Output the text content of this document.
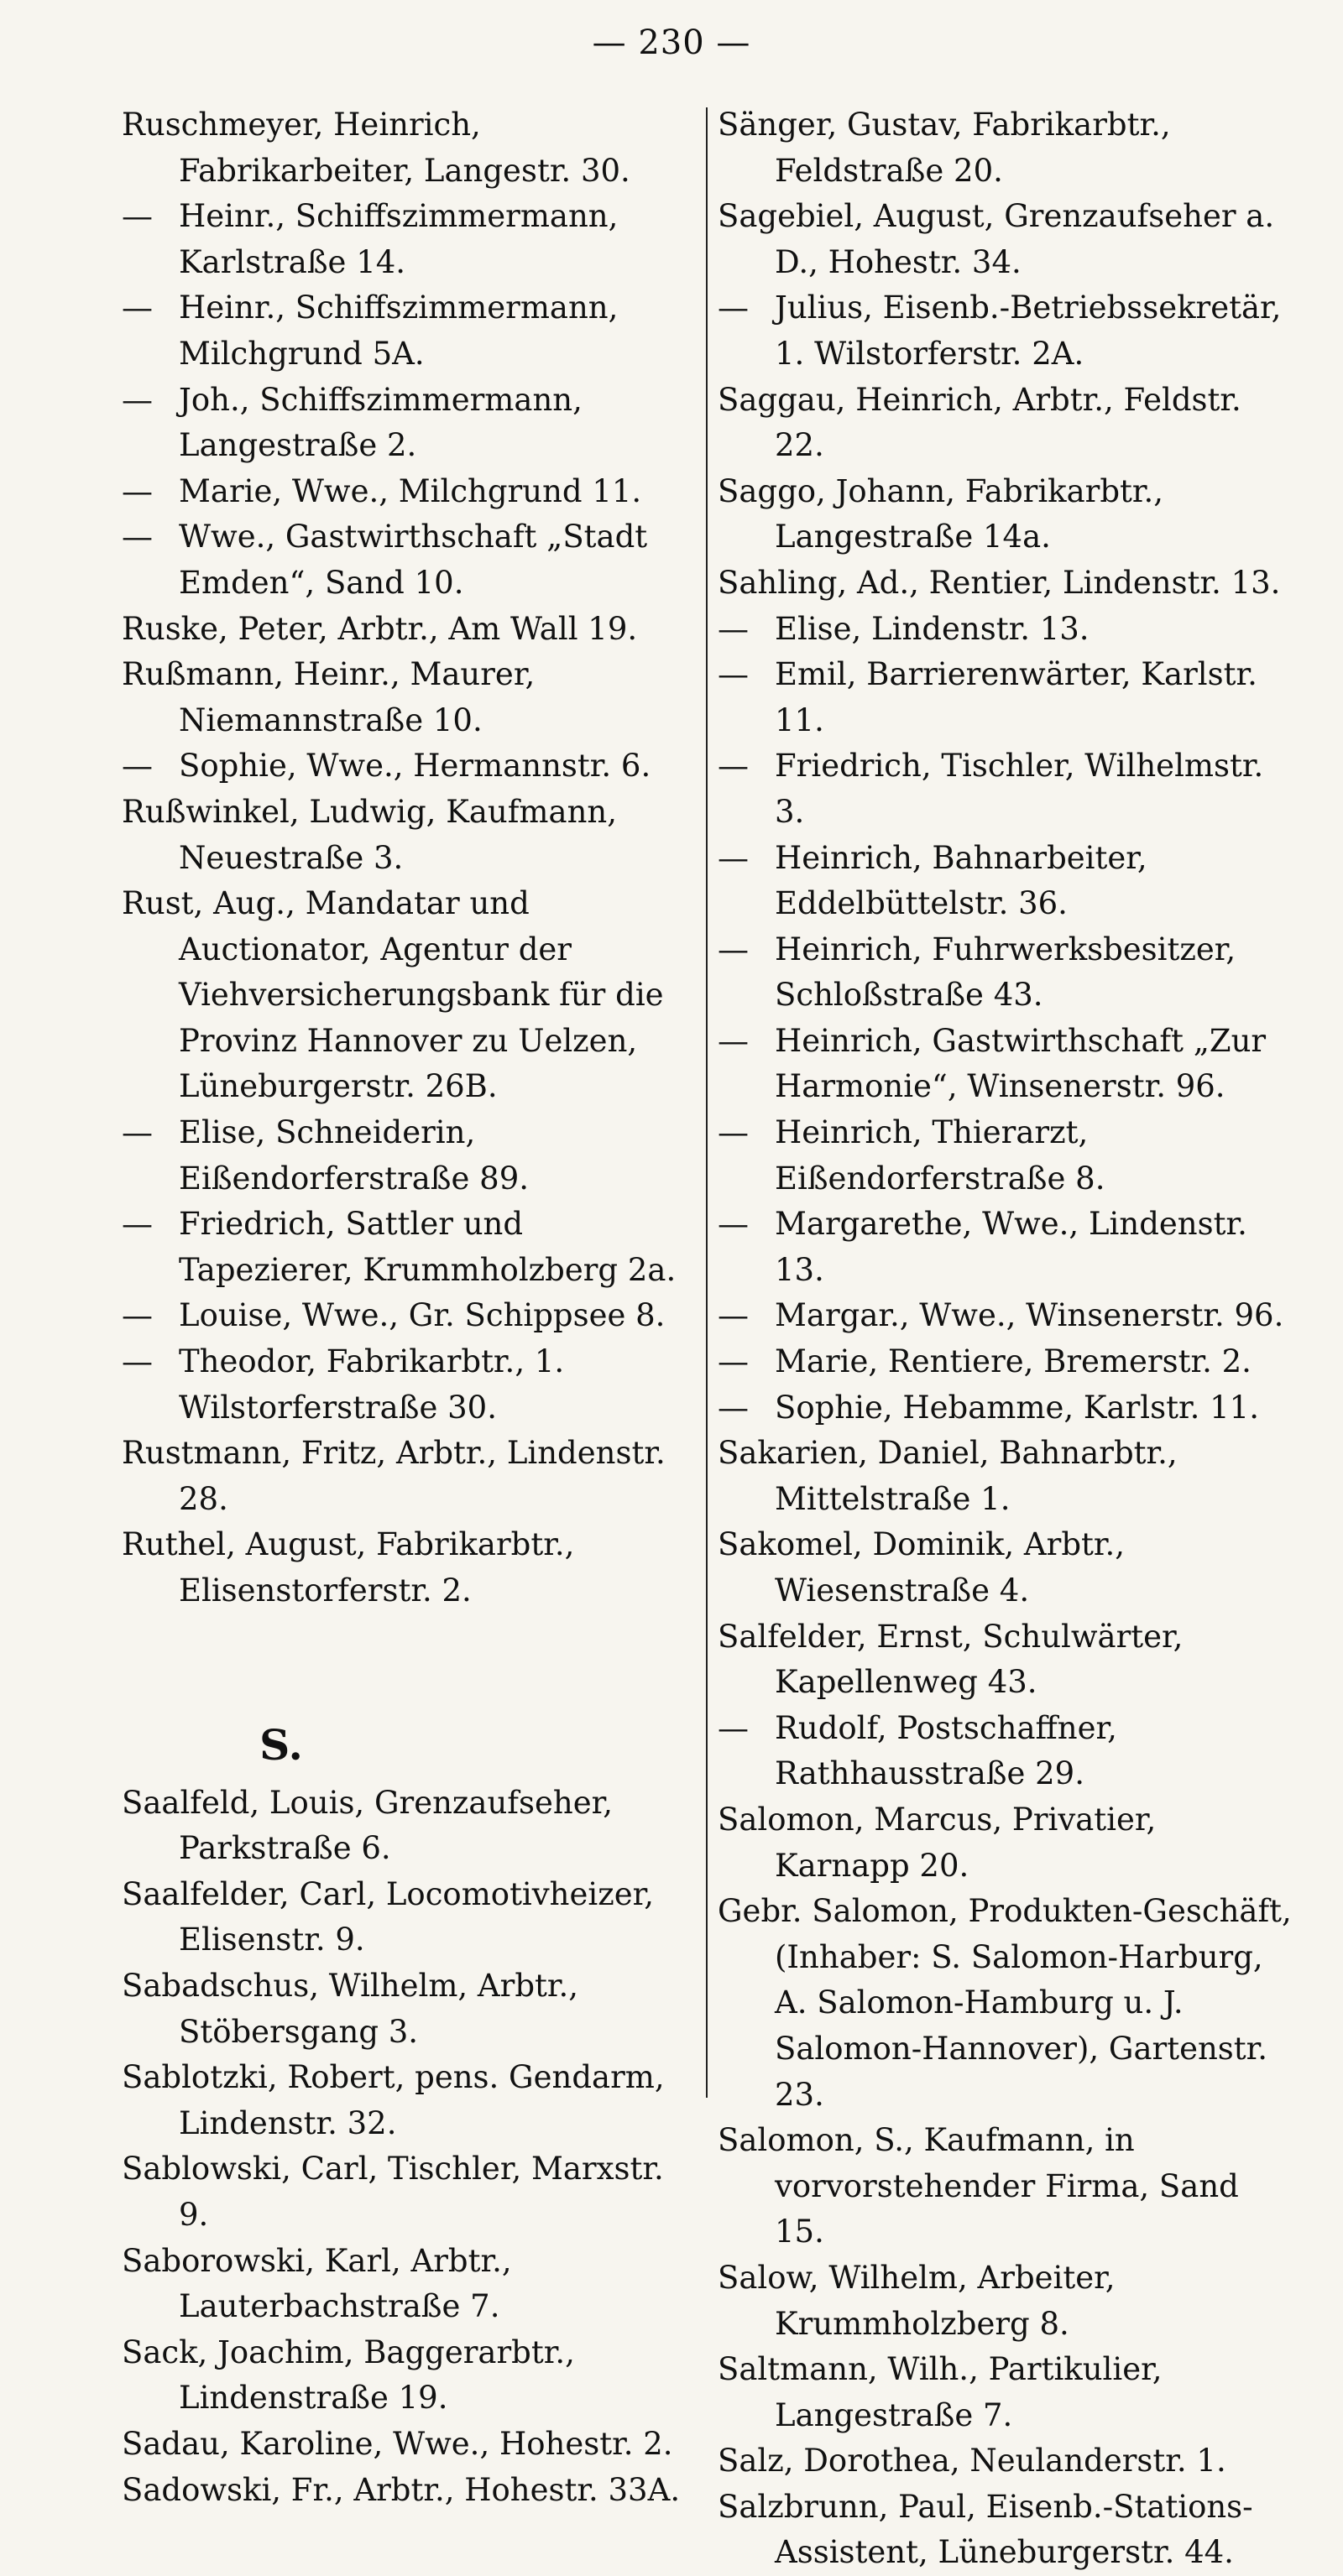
— 230 —

Ruschmeyer, Heinrich, Fabrikarbeiter, Langestr. 30.

— Heinr., Schiffszimmermann, Karlstraße 14.

— Heinr., Schiffszimmermann, Milchgrund 5A.

— Joh., Schiffszimmermann, Langestraße 2.

— Marie, Wwe., Milchgrund 11.

— Wwe., Gastwirthschaft „Stadt Emden“, Sand 10.

Ruske, Peter, Arbtr., Am Wall 19.

Rußmann, Heinr., Maurer, Niemannstraße 10.

— Sophie, Wwe., Hermannstr. 6.

Rußwinkel, Ludwig, Kaufmann, Neuestraße 3.

Rust, Aug., Mandatar und Auctionator, Agentur der Viehversicherungsbank für die Provinz Hannover zu Uelzen, Lüneburgerstr. 26B.

— Elise, Schneiderin, Eißendorferstraße 89.

— Friedrich, Sattler und Tapezierer, Krummholzberg 2a.

— Louise, Wwe., Gr. Schippsee 8.

— Theodor, Fabrikarbtr., 1. Wilstorferstraße 30.

Rustmann, Fritz, Arbtr., Lindenstr. 28.

Ruthel, August, Fabrikarbtr., Elisenstorferstr. 2.

S.

Saalfeld, Louis, Grenzaufseher, Parkstraße 6.

Saalfelder, Carl, Locomotivheizer, Elisenstr. 9.

Sabadschus, Wilhelm, Arbtr., Stöbersgang 3.

Sablotzki, Robert, pens. Gendarm, Lindenstr. 32.

Sablowski, Carl, Tischler, Marxstr. 9.

Saborowski, Karl, Arbtr., Lauterbachstraße 7.

Sack, Joachim, Baggerarbtr., Lindenstraße 19.

Sadau, Karoline, Wwe., Hohestr. 2.

Sadowski, Fr., Arbtr., Hohestr. 33A.

Sänger, Gustav, Fabrikarbtr., Feldstraße 20.

Sagebiel, August, Grenzaufseher a. D., Hohestr. 34.

— Julius, Eisenb.-Betriebssekretär, 1. Wilstorferstr. 2A.

Saggau, Heinrich, Arbtr., Feldstr. 22.

Saggo, Johann, Fabrikarbtr., Langestraße 14a.

Sahling, Ad., Rentier, Lindenstr. 13.

— Elise, Lindenstr. 13.

— Emil, Barrierenwärter, Karlstr. 11.

— Friedrich, Tischler, Wilhelmstr. 3.

— Heinrich, Bahnarbeiter, Eddelbüttelstr. 36.

— Heinrich, Fuhrwerksbesitzer, Schloßstraße 43.

— Heinrich, Gastwirthschaft „Zur Harmonie“, Winsenerstr. 96.

— Heinrich, Thierarzt, Eißendorferstraße 8.

— Margarethe, Wwe., Lindenstr. 13.

— Margar., Wwe., Winsenerstr. 96.

— Marie, Rentiere, Bremerstr. 2.

— Sophie, Hebamme, Karlstr. 11.

Sakarien, Daniel, Bahnarbtr., Mittelstraße 1.

Sakomel, Dominik, Arbtr., Wiesenstraße 4.

Salfelder, Ernst, Schulwärter, Kapellenweg 43.

— Rudolf, Postschaffner, Rathhausstraße 29.

Salomon, Marcus, Privatier, Karnapp 20.

Gebr. Salomon, Produkten-Geschäft, (Inhaber: S. Salomon-Harburg, A. Salomon-Hamburg u. J. Salomon-Hannover), Gartenstr. 23.

Salomon, S., Kaufmann, in vorvorstehender Firma, Sand 15.

Salow, Wilhelm, Arbeiter, Krummholzberg 8.

Saltmann, Wilh., Partikulier, Langestraße 7.

Salz, Dorothea, Neulanderstr. 1.

Salzbrunn, Paul, Eisenb.-Stations-Assistent, Lüneburgerstr. 44.
